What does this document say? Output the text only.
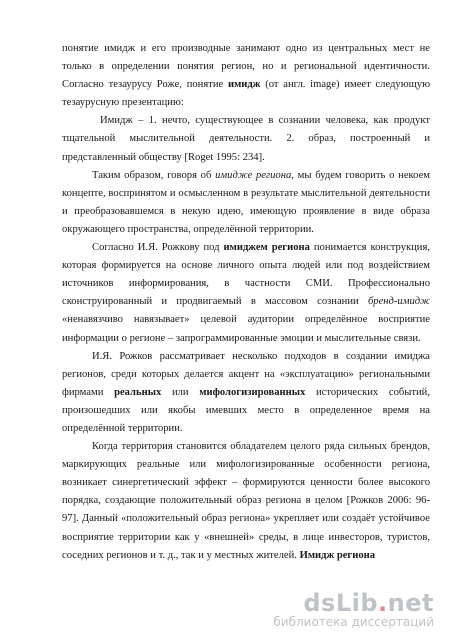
понятие имидж и его производные занимают одно из центральных мест не только в определении понятия регион, но и региональной идентичности. Согласно тезаурусу Роже, понятие имидж (от англ. image) имеет следующую тезаурусную презентацию:

Имидж – 1. нечто, существующее в сознании человека, как продукт тщательной мыслительной деятельности. 2. образ, построенный и представленный обществу [Roget 1995: 234].

Таким образом, говоря об имидже региона, мы будем говорить о некоем концепте, воспринятом и осмысленном в результате мыслительной деятельности и преобразовавшемся в некую идею, имеющую проявление в виде образа окружающего пространства, определённой территории.

Согласно И.Я. Рожкову под имиджем региона понимается конструкция, которая формируется на основе личного опыта людей или под воздействием источников информирования, в частности СМИ. Профессионально сконструированный и продвигаемый в массовом сознании бренд-имидж «ненавязчиво навязывает» целевой аудитории определённое восприятие информации о регионе – запрограммированные эмоции и мыслительные связи.

И.Я. Рожков рассматривает несколько подходов в создании имиджа регионов, среди которых делается акцент на «эксплуатацию» региональными фирмами реальных или мифологизированных исторических событий, произошедших или якобы имевших место в определенное время на определённой территории.

Когда территория становится обладателем целого ряда сильных брендов, маркирующих реальные или мифологизированные особенности региона, возникает синергетический эффект – формируются ценности более высокого порядка, создающие положительный образ региона в целом [Рожков 2006: 96-97]. Данный «положительный образ региона» укрепляет или создаёт устойчивое восприятие территории как у «внешней» среды, в лице инвесторов, туристов, соседних регионов и т. д., так и у местных жителей. Имидж региона

dsLib.net
библиотека диссертаций
